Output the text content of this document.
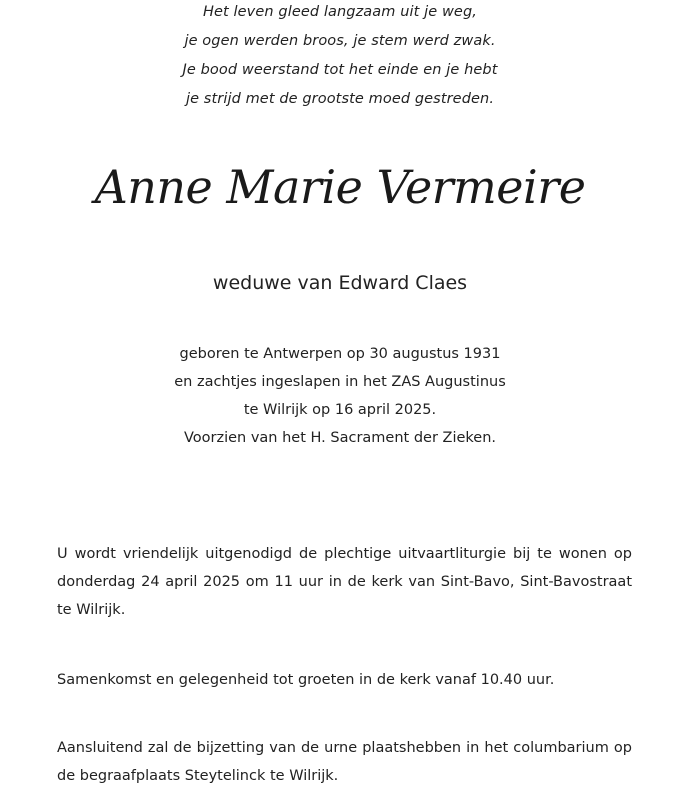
Het leven gleed langzaam uit je weg,
je ogen werden broos, je stem werd zwak.
Je bood weerstand tot het einde en je hebt
je strijd met de grootste moed gestreden.
Anne Marie Vermeire
weduwe van Edward Claes
geboren te Antwerpen op 30 augustus 1931
en zachtjes ingeslapen in het ZAS Augustinus
te Wilrijk op 16 april 2025.
Voorzien van het H. Sacrament der Zieken.

U wordt vriendelijk uitgenodigd de plechtige uitvaartliturgie bij te wonen op donderdag 24 april 2025 om 11 uur in de kerk van Sint-Bavo, Sint-Bavostraat te Wilrijk.

Samenkomst en gelegenheid tot groeten in de kerk vanaf 10.40 uur.

Aansluitend zal de bijzetting van de urne plaatshebben in het columbarium op de begraafplaats Steytelinck te Wilrijk.
